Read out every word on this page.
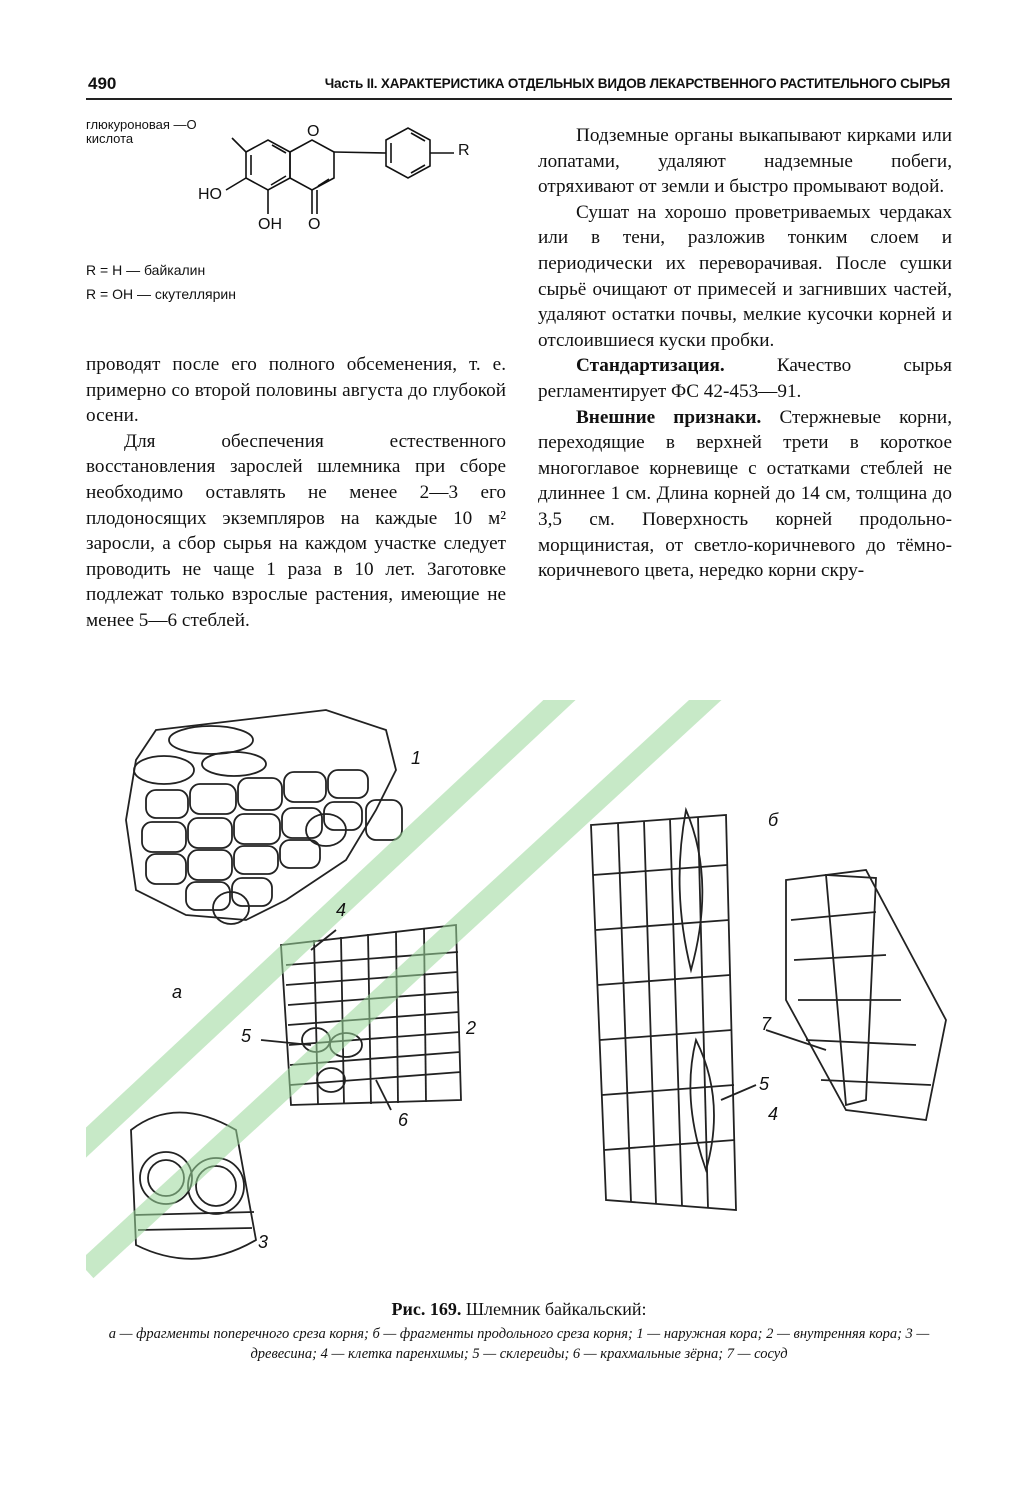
490	Часть II. ХАРАКТЕРИСТИКА ОТДЕЛЬНЫХ ВИДОВ ЛЕКАРСТВЕННОГО РАСТИТЕЛЬНОГО СЫРЬЯ
O
глюкуроновая —O
кислота
R
HO
OH O
R = H — байкалин
R = OH — скутеллярин

проводят после его полного обсеменения, т. е. примерно со второй половины августа до глубокой осени.

Для обеспечения естественного восстановления зарослей шлемника при сборе необходимо оставлять не менее 2—3 его плодоносящих экземпляров на каждые 10 м² заросли, а сбор сырья на каждом участке следует проводить не чаще 1 раза в 10 лет. Заготовке подлежат только взрослые растения, имеющие не менее 5—6 стеблей.

Подземные органы выкапывают кирками или лопатами, удаляют надземные побеги, отряхивают от земли и быстро промывают водой.

Сушат на хорошо проветриваемых чердаках или в тени, разложив тонким слоем и периодически их переворачивая. После сушки сырьё очищают от примесей и загнивших частей, удаляют остатки почвы, мелкие кусочки корней и отслоившиеся куски пробки.

Стандартизация.	Качество сырья регламентирует ФС 42-453—91.

Внешние признаки. Стержневые корни, переходящие в верхней трети в короткое многоглавое корневище с остатками стеблей не длиннее 1 см. Длина корней до 14 см, толщина до 3,5 см. Поверхность корней продольно-морщинистая, от светло-коричневого до тёмно-коричневого цвета, нередко корни скру-

1
4
а
5	2
6
3
б
7
5
4
Рис. 169. Шлемник байкальский:
а — фрагменты поперечного среза корня; б — фрагменты продольного среза корня; 1 — наружная кора; 2 — внутренняя кора; 3 — древесина; 4 — клетка паренхимы; 5 — склереиды; 6 — крахмальные зёрна; 7 — сосуд
